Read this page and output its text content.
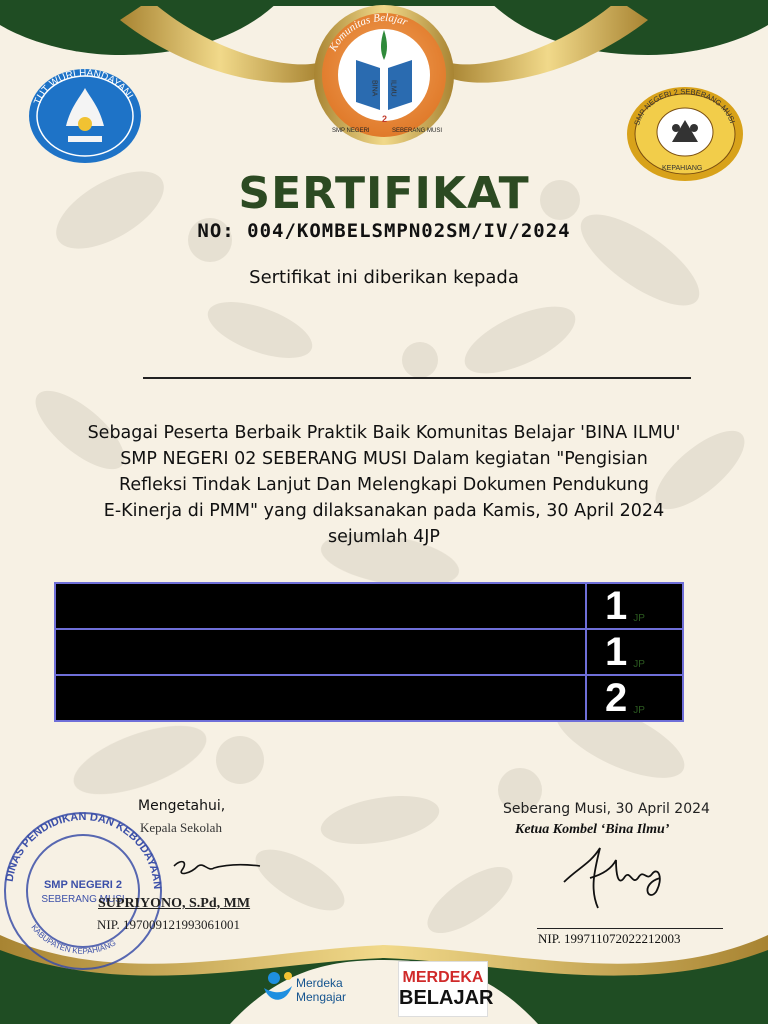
TUT WURI HANDAYANI
Komunitas Belajar
BINA ILMU
2
SMP NEGERI	SEBERANG MUSI
SMP NEGERI 2 SEBERANG MUSI
KEPAHIANG
SERTIFIKAT
NO: 004/KOMBELSMPN02SM/IV/2024
Sertifikat ini diberikan kepada
Sebagai Peserta Berbaik Praktik Baik Komunitas Belajar 'BINA ILMU'
SMP NEGERI 02 SEBERANG MUSI Dalam kegiatan "Pengisian
Refleksi Tindak Lanjut Dan Melengkapi Dokumen Pendukung
E-Kinerja di PMM" yang dilaksanakan pada Kamis, 30 April 2024
sejumlah 4JP
1 JP
1 JP
2 JP
DINAS PENDIDIKAN DAN KEBUDAYAAN
KABUPATEN KEPAHIANG
SMP NEGERI 2
SEBERANG MUSI
Mengetahui,
Kepala Sekolah
SUPRIYONO, S.Pd, MM
NIP. 197009121993061001
Seberang Musi, 30 April 2024
Ketua Kombel ‘Bina Ilmu’
NIP. 199711072022212003
Merdeka
Mengajar
MERDEKA
BELAJAR
